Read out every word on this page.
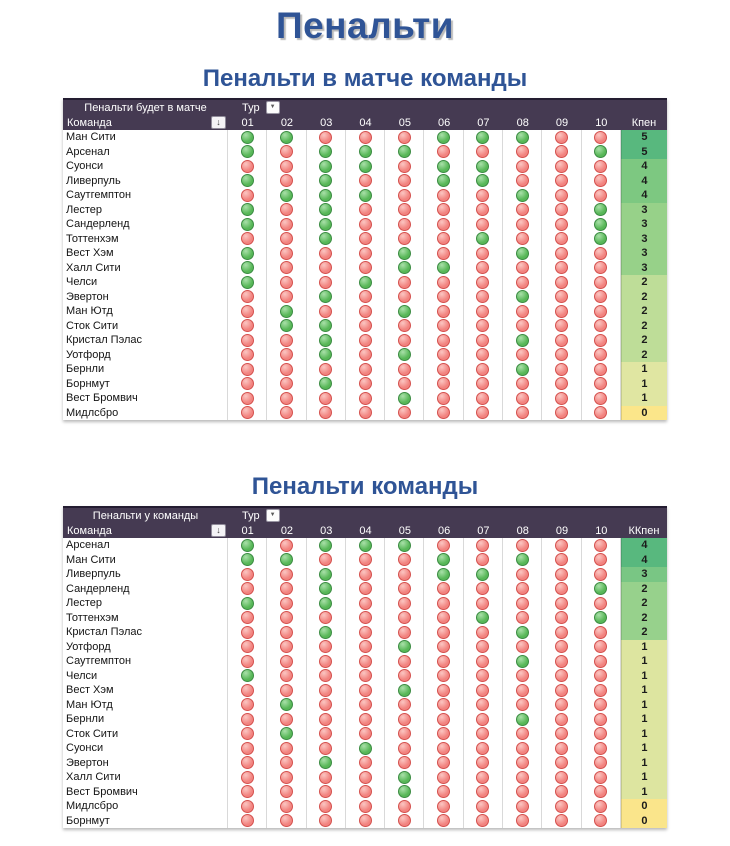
Пенальти
Пенальти в матче команды
Пенальти будет в матче	Тур	▼
Команда	↓	01	02	03	04	05	06	07	08	09	10	Кпен
Ман Сити	5
Арсенал	5
Суонси	4
Ливерпуль	4
Саутгемптон	4
Лестер	3
Сандерленд	3
Тоттенхэм	3
Вест Хэм	3
Халл Сити	3
Челси	2
Эвертон	2
Ман Ютд	2
Сток Сити	2
Кристал Пэлас	2
Уотфорд	2
Бернли	1
Борнмут	1
Вест Бромвич	1
Мидлсбро	0
Пенальти команды
Пенальти у команды	Тур	▼
Команда	↓	01	02	03	04	05	06	07	08	09	10	ККпен
Арсенал	4
Ман Сити	4
Ливерпуль	3
Сандерленд	2
Лестер	2
Тоттенхэм	2
Кристал Пэлас	2
Уотфорд	1
Саутгемптон	1
Челси	1
Вест Хэм	1
Ман Ютд	1
Бернли	1
Сток Сити	1
Суонси	1
Эвертон	1
Халл Сити	1
Вест Бромвич	1
Мидлсбро	0
Борнмут	0
